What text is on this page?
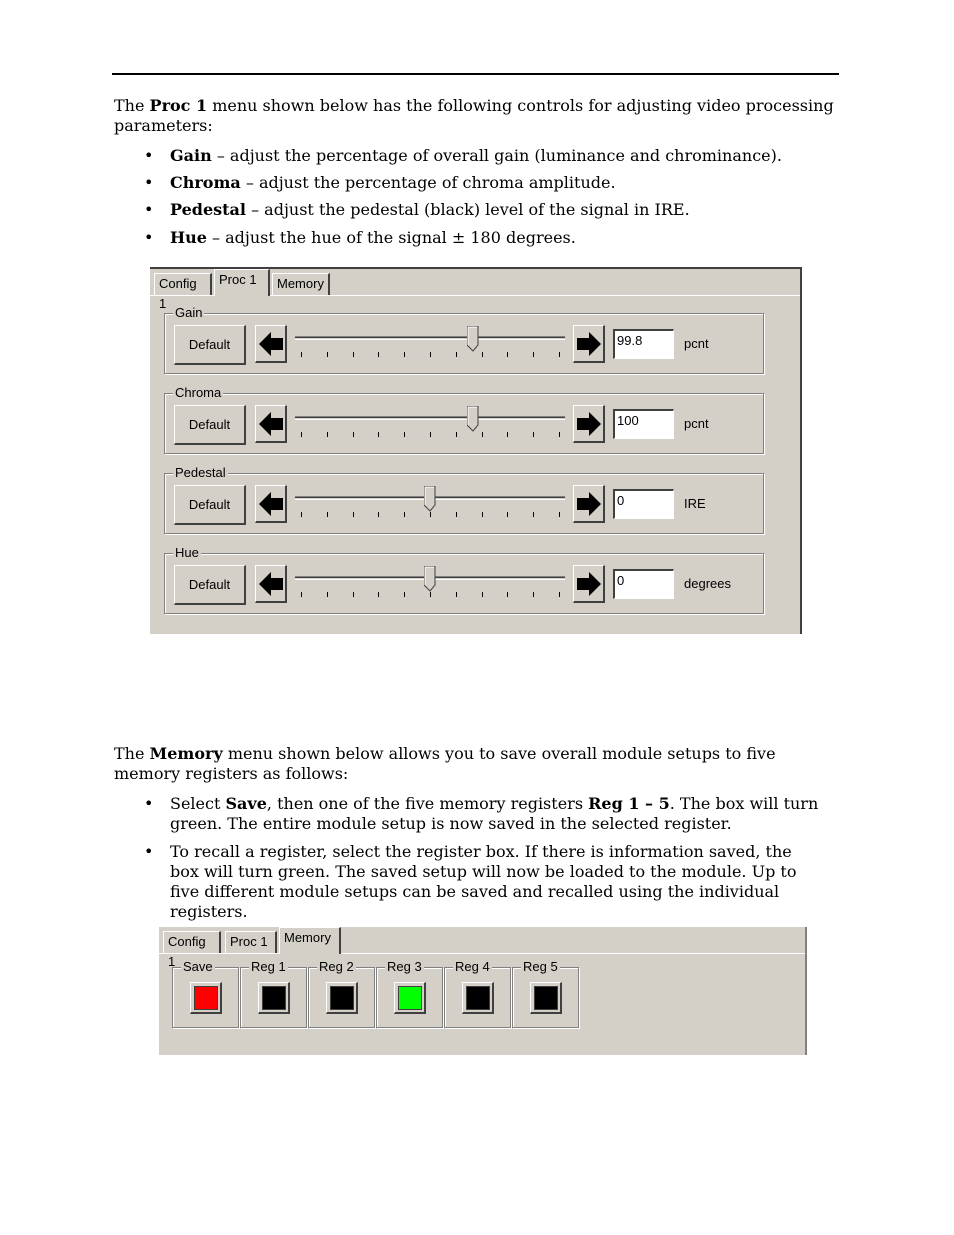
The Proc 1 menu shown below has the following controls for adjusting video processing parameters:

• Gain – adjust the percentage of overall gain (luminance and chrominance).
• Chroma – adjust the percentage of chroma amplitude.
• Pedestal – adjust the pedestal (black) level of the signal in IRE.
• Hue – adjust the hue of the signal ± 180 degrees.
Config 1
Proc 1	Memory
Gain
Default	99.8	pcnt
Chroma
Default	100	pcnt
Pedestal
Default	0	IRE
Hue
Default	0	degrees

The Memory menu shown below allows you to save overall module setups to five memory registers as follows:

• Select Save, then one of the five memory registers Reg 1 – 5. The box will turn green. The entire module setup is now saved in the selected register.
• To recall a register, select the register box. If there is information saved, the box will turn green. The saved setup will now be loaded to the module. Up to five different module setups can be saved and recalled using the individual registers.
Config 1
Proc 1	Memory
Save	Reg 1	Reg 2	Reg 3	Reg 4	Reg 5
